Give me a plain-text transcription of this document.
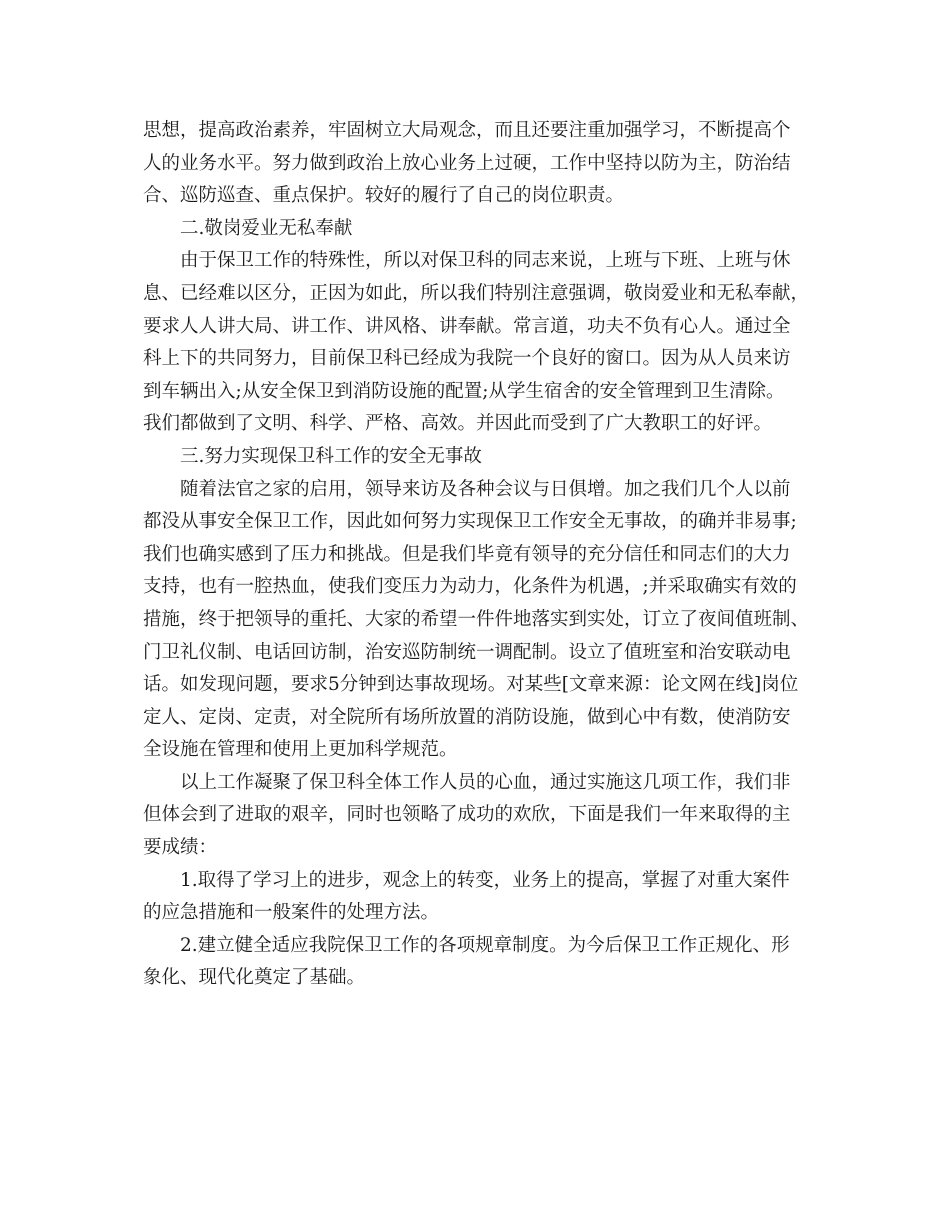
思想，提高政治素养，牢固树立大局观念，而且还要注重加强学习，不断提高个
人的业务水平。努力做到政治上放心业务上过硬，工作中坚持以防为主，防治结
合、巡防巡查、重点保护。较好的履行了自己的岗位职责。
二.敬岗爱业无私奉献
由于保卫工作的特殊性，所以对保卫科的同志来说，上班与下班、上班与休
息、已经难以区分，正因为如此，所以我们特别注意强调，敬岗爱业和无私奉献，
要求人人讲大局、讲工作、讲风格、讲奉献。常言道，功夫不负有心人。通过全
科上下的共同努力，目前保卫科已经成为我院一个良好的窗口。因为从人员来访
到车辆出入;从安全保卫到消防设施的配置;从学生宿舍的安全管理到卫生清除。
我们都做到了文明、科学、严格、高效。并因此而受到了广大教职工的好评。
三.努力实现保卫科工作的安全无事故
随着法官之家的启用，领导来访及各种会议与日俱增。加之我们几个人以前
都没从事安全保卫工作，因此如何努力实现保卫工作安全无事故，的确并非易事;
我们也确实感到了压力和挑战。但是我们毕竟有领导的充分信任和同志们的大力
支持，也有一腔热血，使我们变压力为动力，化条件为机遇，;并采取确实有效的
措施，终于把领导的重托、大家的希望一件件地落实到实处，订立了夜间值班制、
门卫礼仪制、电话回访制，治安巡防制统一调配制。设立了值班室和治安联动电
话。如发现问题，要求5分钟到达事故现场。对某些[文章来源：论文网在线]岗位
定人、定岗、定责，对全院所有场所放置的消防设施，做到心中有数，使消防安
全设施在管理和使用上更加科学规范。
以上工作凝聚了保卫科全体工作人员的心血，通过实施这几项工作，我们非
但体会到了进取的艰辛，同时也领略了成功的欢欣，下面是我们一年来取得的主
要成绩：
1.取得了学习上的进步，观念上的转变，业务上的提高，掌握了对重大案件
的应急措施和一般案件的处理方法。
2.建立健全适应我院保卫工作的各项规章制度。为今后保卫工作正规化、形
象化、现代化奠定了基础。
